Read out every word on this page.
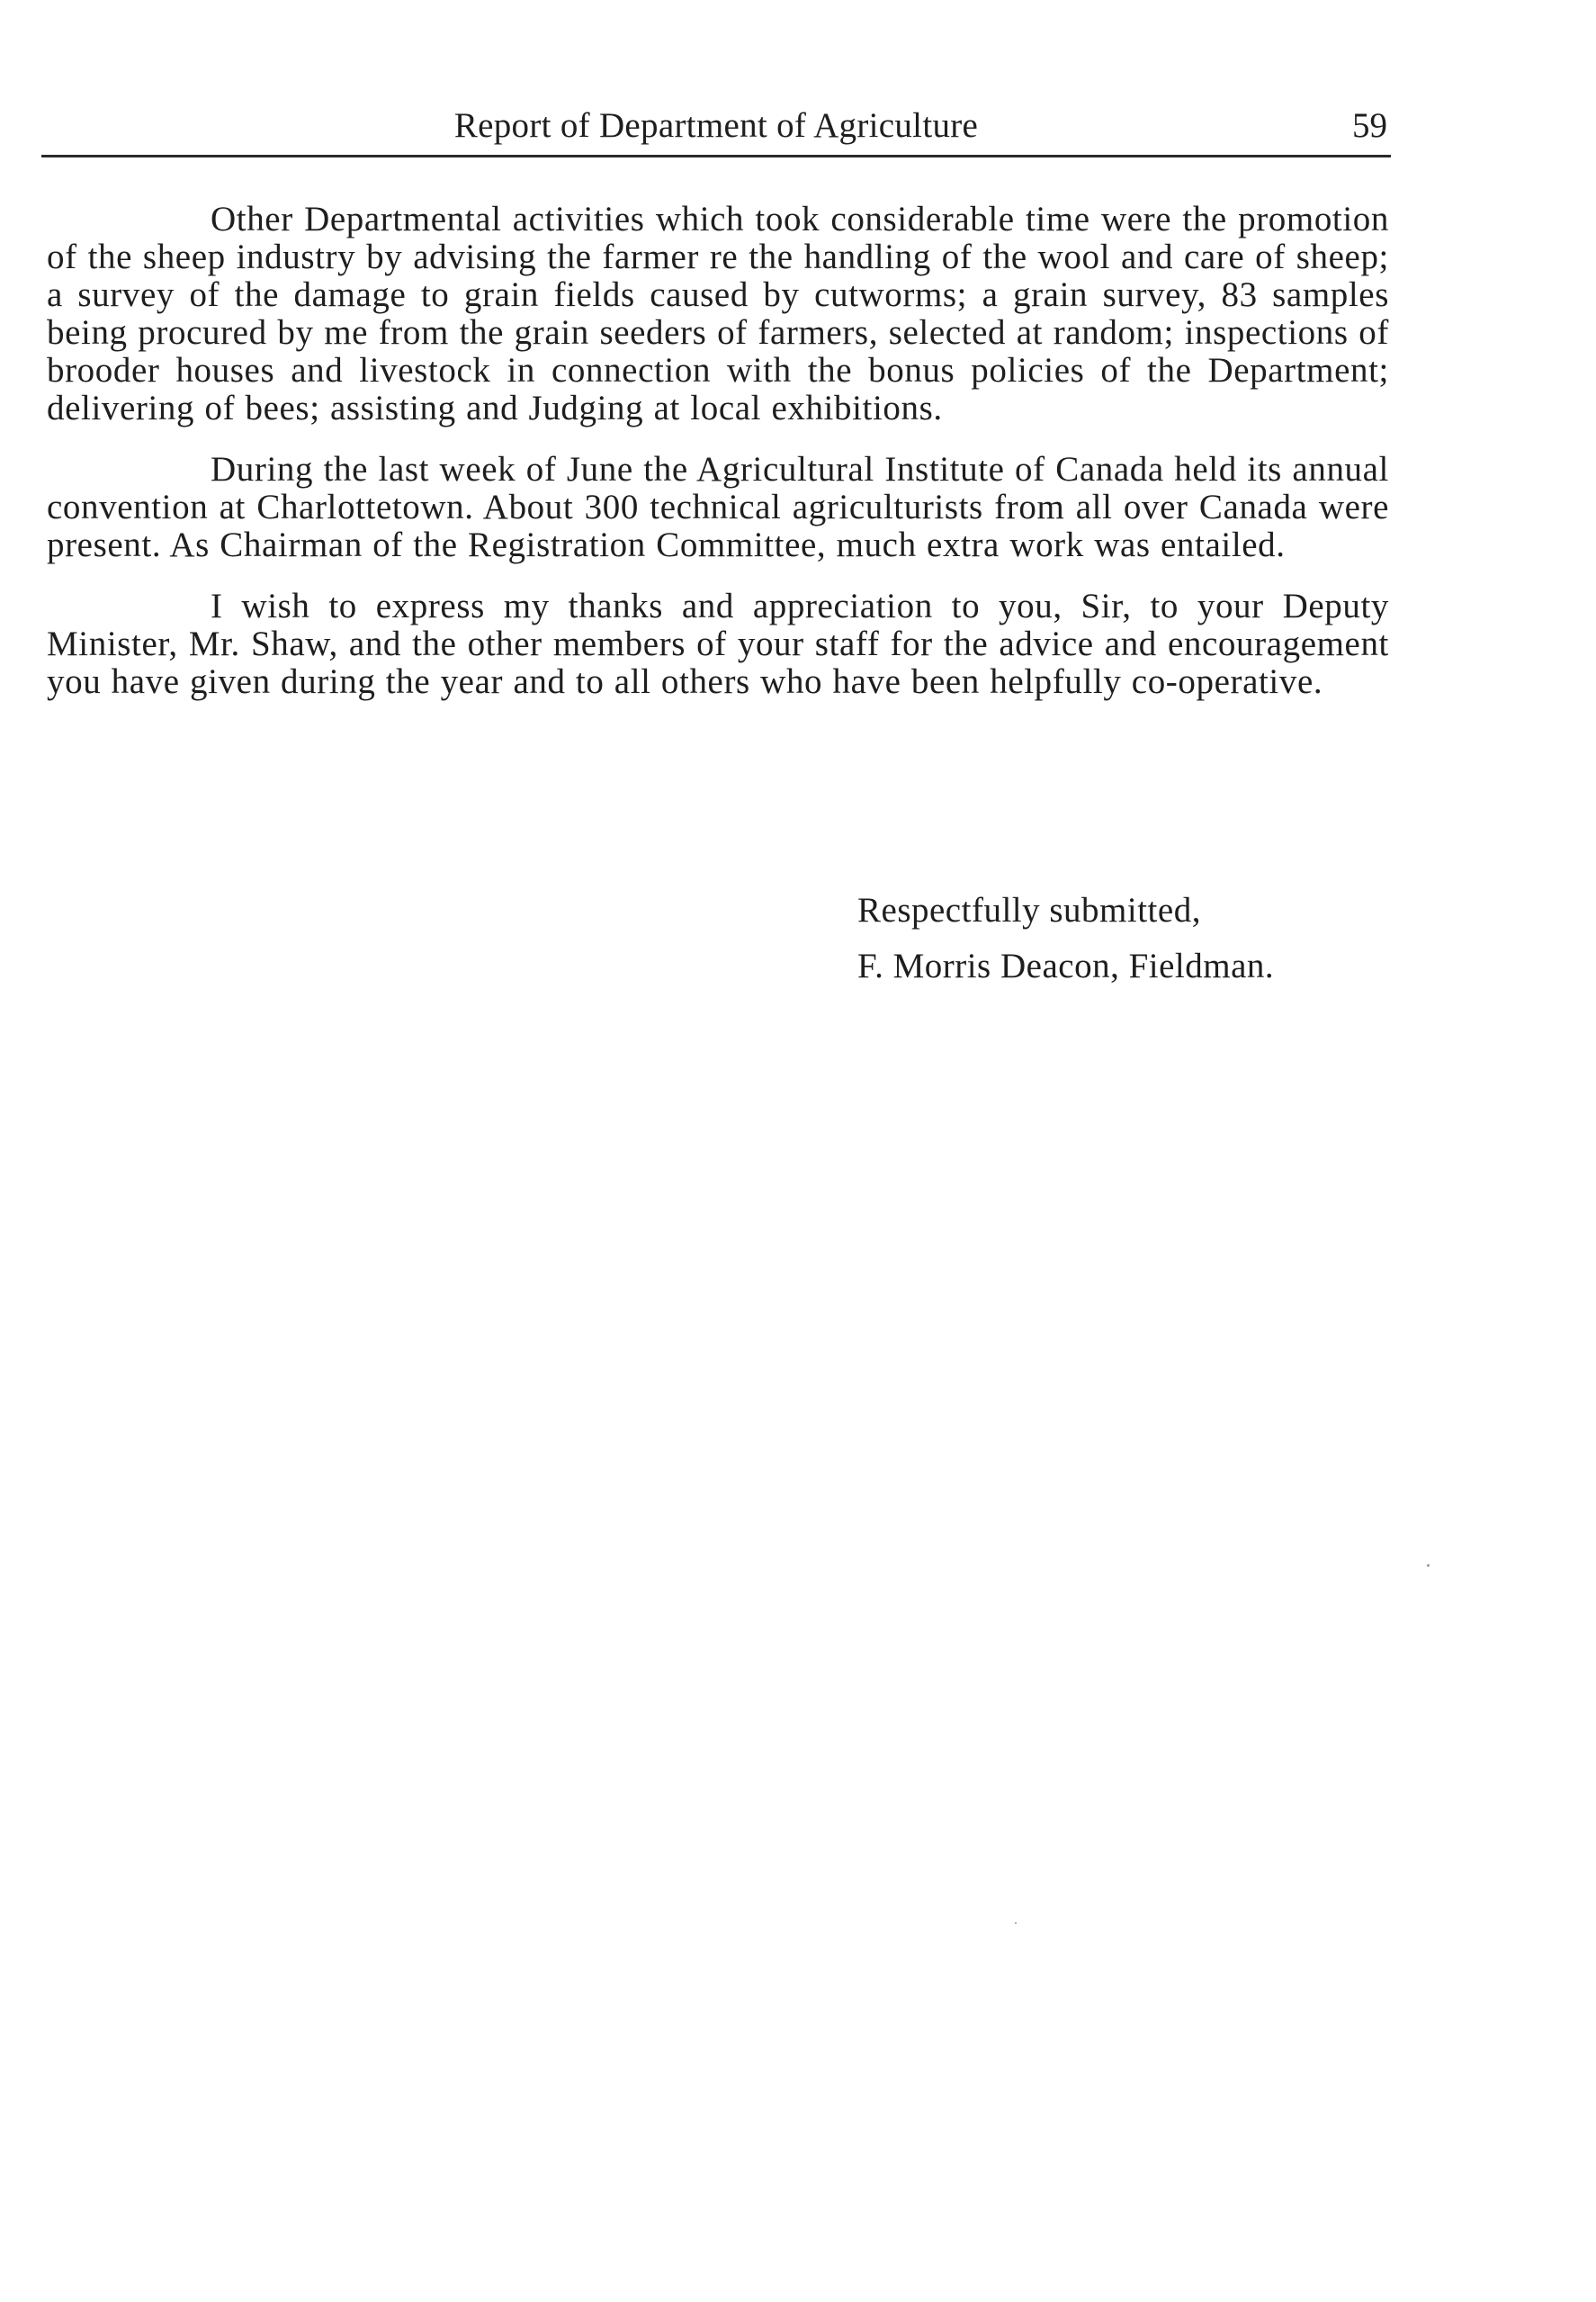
Report of Department of Agriculture	59

Other Departmental activities which took considerable time were the promotion of the sheep industry by advising the farmer re the handling of the wool and care of sheep; a survey of the damage to grain fields caused by cutworms; a grain survey, 83 samples being procured by me from the grain seeders of farmers, selected at random; inspections of brooder houses and livestock in connection with the bonus policies of the Department; delivering of bees; assisting and Judging at local exhibitions.

During the last week of June the Agricultural Institute of Canada held its annual convention at Charlottetown. About 300 technical agriculturists from all over Canada were present. As Chairman of the Registration Committee, much extra work was entailed.

I wish to express my thanks and appreciation to you, Sir, to your Deputy Minister, Mr. Shaw, and the other members of your staff for the advice and encouragement you have given during the year and to all others who have been helpfully co-operative.

Respectfully submitted,
F. Morris Deacon, Fieldman.
